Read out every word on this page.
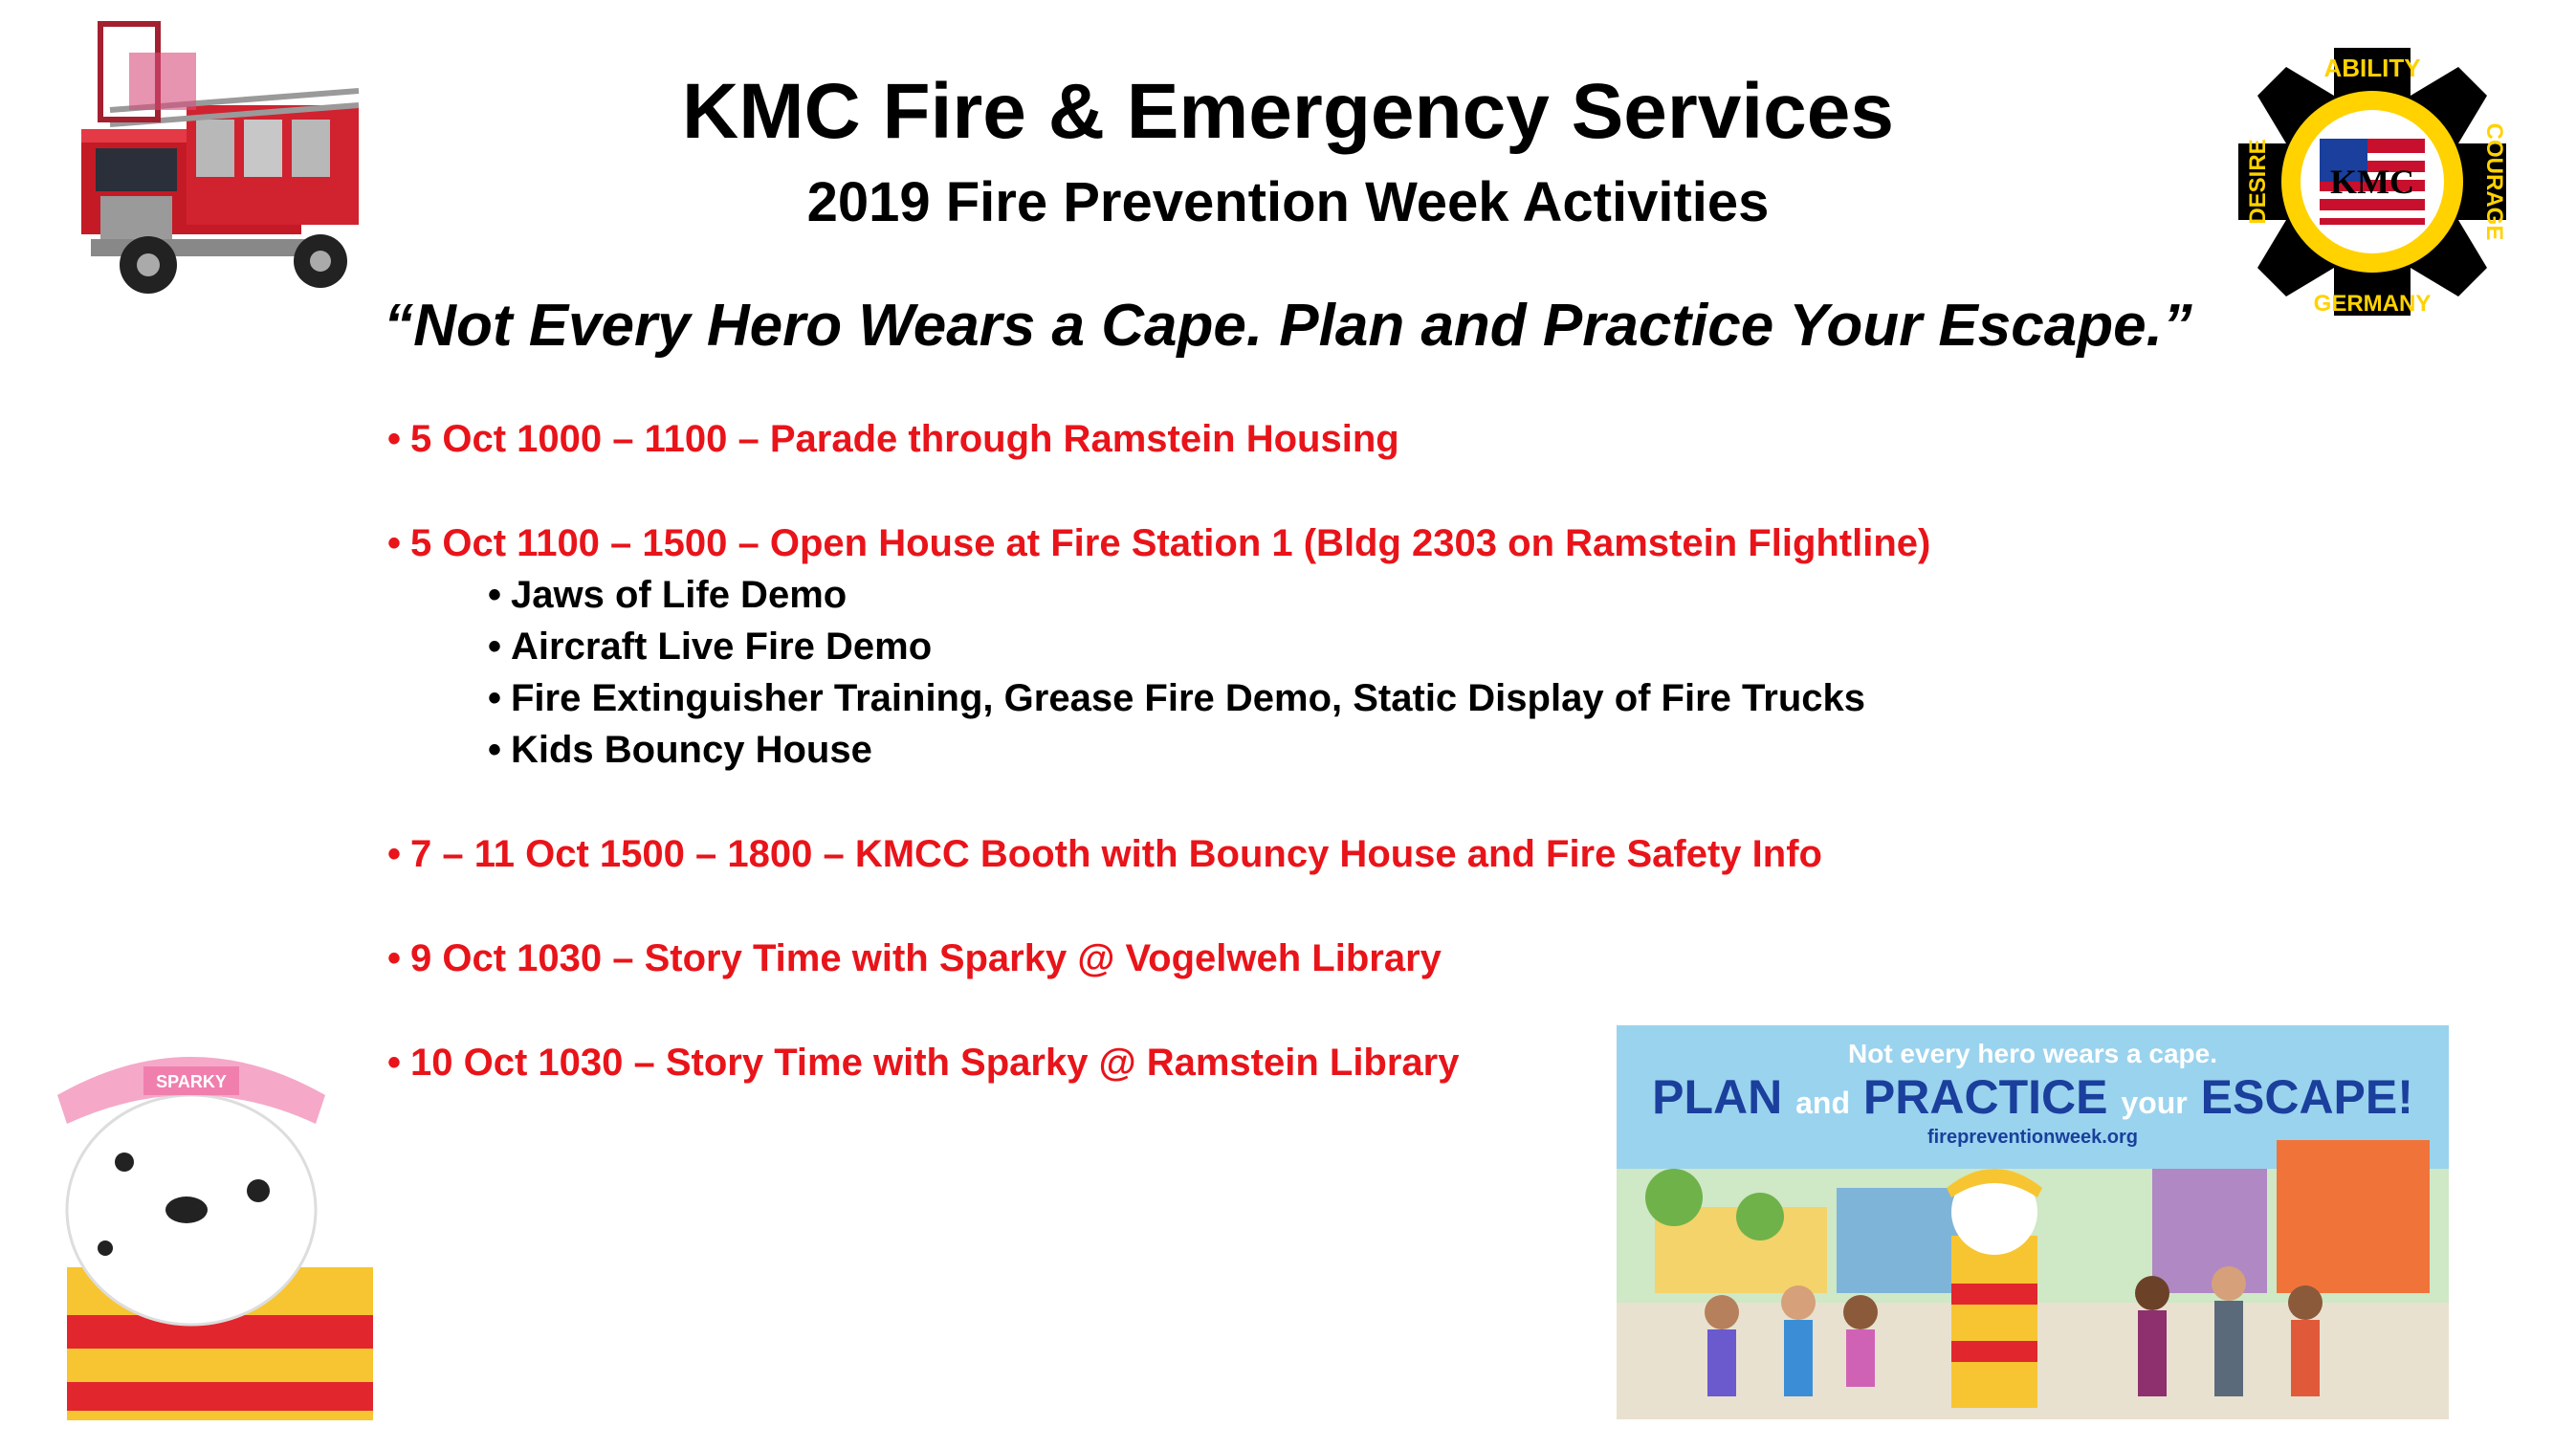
ABILITY
GERMANY
DESIRE	COURAGE
KMC
KMC Fire & Emergency Services
2019 Fire Prevention Week Activities
“Not Every Hero Wears a Cape. Plan and Practice Your Escape.”
• 5 Oct 1000 – 1100 – Parade through Ramstein Housing
• 5 Oct 1100 – 1500 – Open House at Fire Station 1 (Bldg 2303 on Ramstein Flightline)
• Jaws of Life Demo
• Aircraft Live Fire Demo
• Fire Extinguisher Training, Grease Fire Demo, Static Display of Fire Trucks
• Kids Bouncy House
• 7 – 11 Oct 1500 – 1800 – KMCC Booth with Bouncy House and Fire Safety Info
• 9 Oct 1030 – Story Time with Sparky @ Vogelweh Library
• 10 Oct 1030 – Story Time with Sparky @ Ramstein Library
SPARKY
Not every hero wears a cape.
PLAN and PRACTICE your ESCAPE!
firepreventionweek.org
